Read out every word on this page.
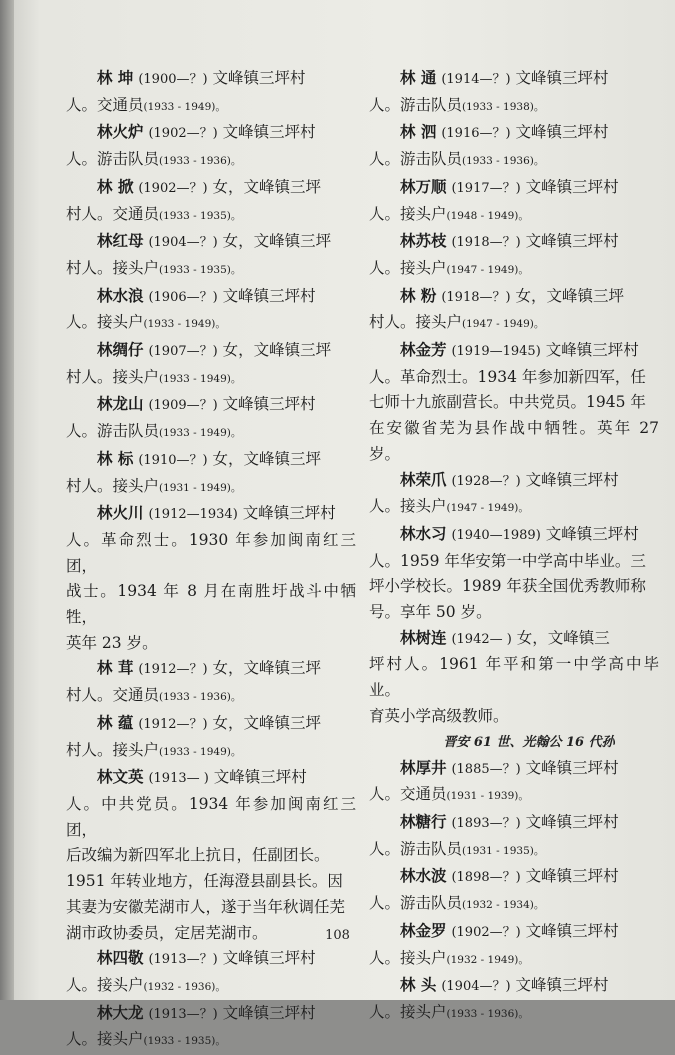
林 坤 (1900—？) 文峰镇三坪村

人。交通员(1933 - 1949)。

林火炉 (1902—？) 文峰镇三坪村

人。游击队员(1933 - 1936)。

林 掀 (1902—？) 女，文峰镇三坪

村人。交通员(1933 - 1935)。

林红母 (1904—？) 女，文峰镇三坪

村人。接头户(1933 - 1935)。

林水浪 (1906—？) 文峰镇三坪村

人。接头户(1933 - 1949)。

林绸仔 (1907—？) 女，文峰镇三坪

村人。接头户(1933 - 1949)。

林龙山 (1909—？) 文峰镇三坪村

人。游击队员(1933 - 1949)。

林 标 (1910—？) 女，文峰镇三坪

村人。接头户(1931 - 1949)。

林火川 (1912—1934) 文峰镇三坪村

人。革命烈士。1930 年参加闽南红三团，

战士。1934 年 8 月在南胜圩战斗中牺牲，

英年 23 岁。

林 茸 (1912—？) 女，文峰镇三坪

村人。交通员(1933 - 1936)。

林 蕴 (1912—？) 女，文峰镇三坪

村人。接头户(1933 - 1949)。

林文英 (1913— ) 文峰镇三坪村

人。中共党员。1934 年参加闽南红三团，

后改编为新四军北上抗日，任副团长。

1951 年转业地方，任海澄县副县长。因

其妻为安徽芜湖市人，遂于当年秋调任芜

湖市政协委员，定居芜湖市。

林四敬 (1913—？) 文峰镇三坪村

人。接头户(1932 - 1936)。

林大龙 (1913—？) 文峰镇三坪村

人。接头户(1933 - 1935)。

林 通 (1914—？) 文峰镇三坪村

人。游击队员(1933 - 1938)。

林 泗 (1916—？) 文峰镇三坪村

人。游击队员(1933 - 1936)。

林万顺 (1917—？) 文峰镇三坪村

人。接头户(1948 - 1949)。

林苏枝 (1918—？) 文峰镇三坪村

人。接头户(1947 - 1949)。

林 粉 (1918—？) 女，文峰镇三坪

村人。接头户(1947 - 1949)。

林金芳 (1919—1945) 文峰镇三坪村

人。革命烈士。1934 年参加新四军，任

七师十九旅副营长。中共党员。1945 年

在安徽省芜为县作战中牺牲。英年 27 岁。

林荣爪 (1928—？) 文峰镇三坪村

人。接头户(1947 - 1949)。

林水习 (1940—1989) 文峰镇三坪村

人。1959 年华安第一中学高中毕业。三

坪小学校长。1989 年获全国优秀教师称

号。享年 50 岁。

林树连 (1942— ) 女，文峰镇三

坪村人。1961 年平和第一中学高中毕业。

育英小学高级教师。

晋安 61 世、光翰公 16 代孙

林厚井 (1885—？) 文峰镇三坪村

人。交通员(1931 - 1939)。

林糖行 (1893—？) 文峰镇三坪村

人。游击队员(1931 - 1935)。

林水波 (1898—？) 文峰镇三坪村

人。游击队员(1932 - 1934)。

林金罗 (1902—？) 文峰镇三坪村

人。接头户(1932 - 1949)。

林 头 (1904—？) 文峰镇三坪村

人。接头户(1933 - 1936)。

108
